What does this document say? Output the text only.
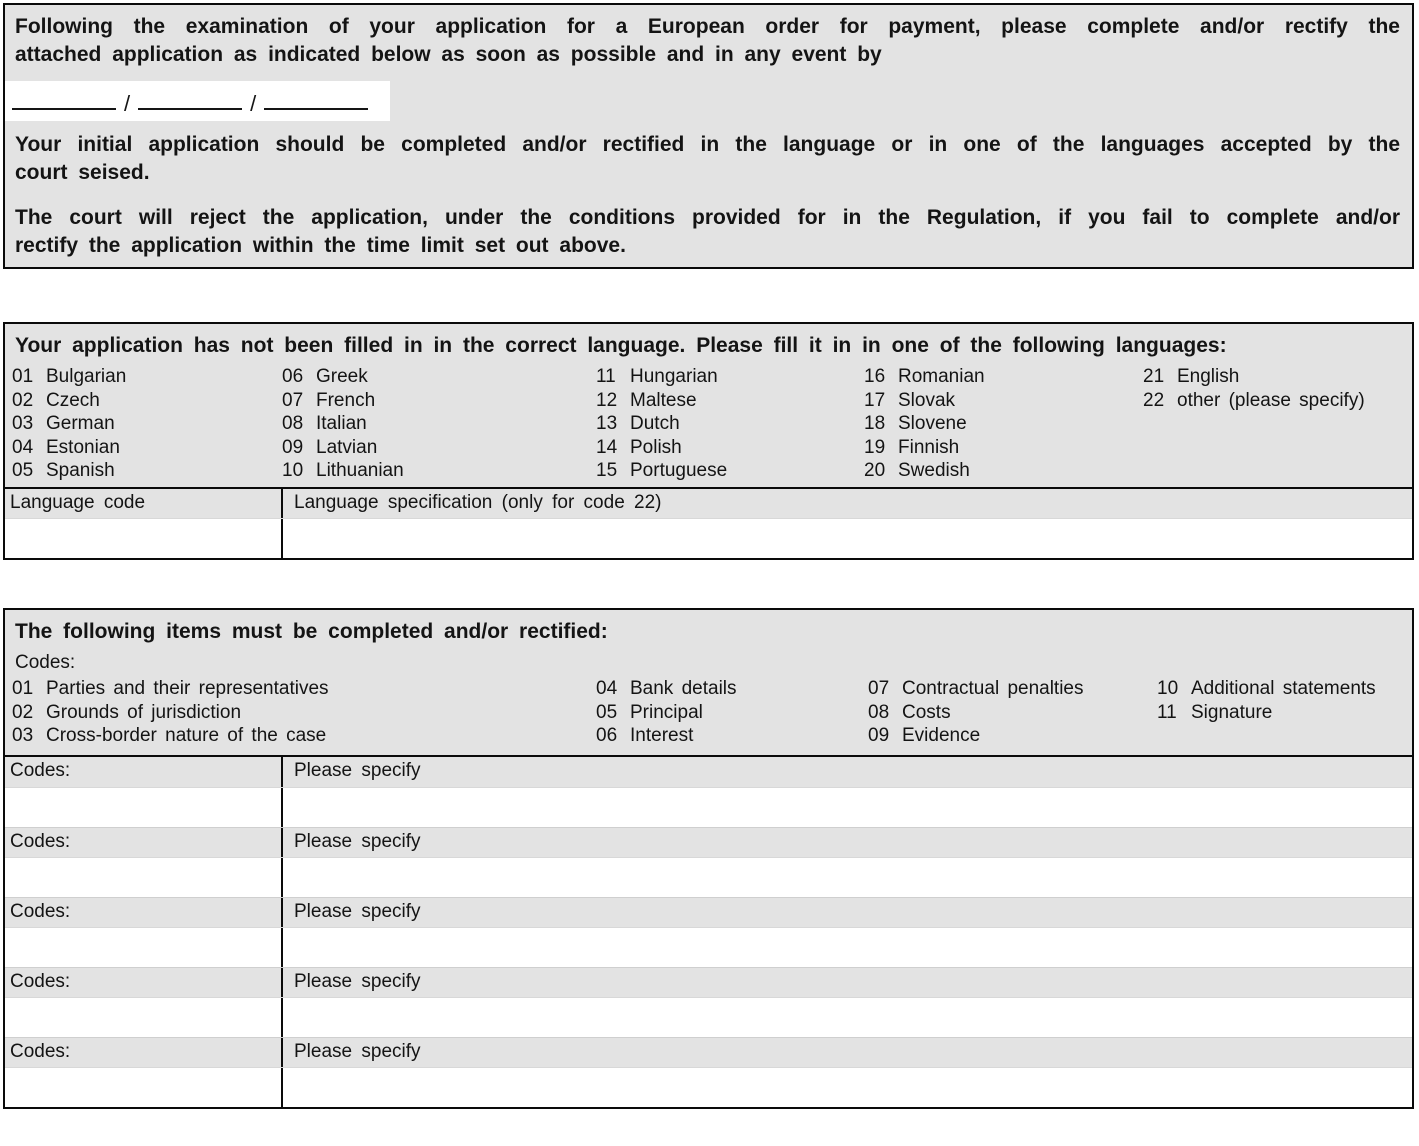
Following the examination of your application for a European order for payment, please complete and/or rectify the
attached application as indicated below as soon as possible and in any event by
/	/
Your initial application should be completed and/or rectified in the language or in one of the languages accepted by the
court seised.
The court will reject the application, under the conditions provided for in the Regulation, if you fail to complete and/or
rectify the application within the time limit set out above.
Your application has not been filled in in the correct language. Please fill it in in one of the following languages:
01 Bulgarian
02 Czech
03 German
04 Estonian
05 Spanish
06 Greek
07 French
08 Italian
09 Latvian
10 Lithuanian
11 Hungarian
12 Maltese
13 Dutch
14 Polish
15 Portuguese
16 Romanian
17 Slovak
18 Slovene
19 Finnish
20 Swedish
21 English
22 other (please specify)
Language code	Language specification (only for code 22)
The following items must be completed and/or rectified:
Codes:
01 Parties and their representatives
02 Grounds of jurisdiction
03 Cross-border nature of the case
04 Bank details
05 Principal
06 Interest
07 Contractual penalties
08 Costs
09 Evidence
10 Additional statements
11 Signature
Codes:	Please specify
Codes:	Please specify
Codes:	Please specify
Codes:	Please specify
Codes:	Please specify
